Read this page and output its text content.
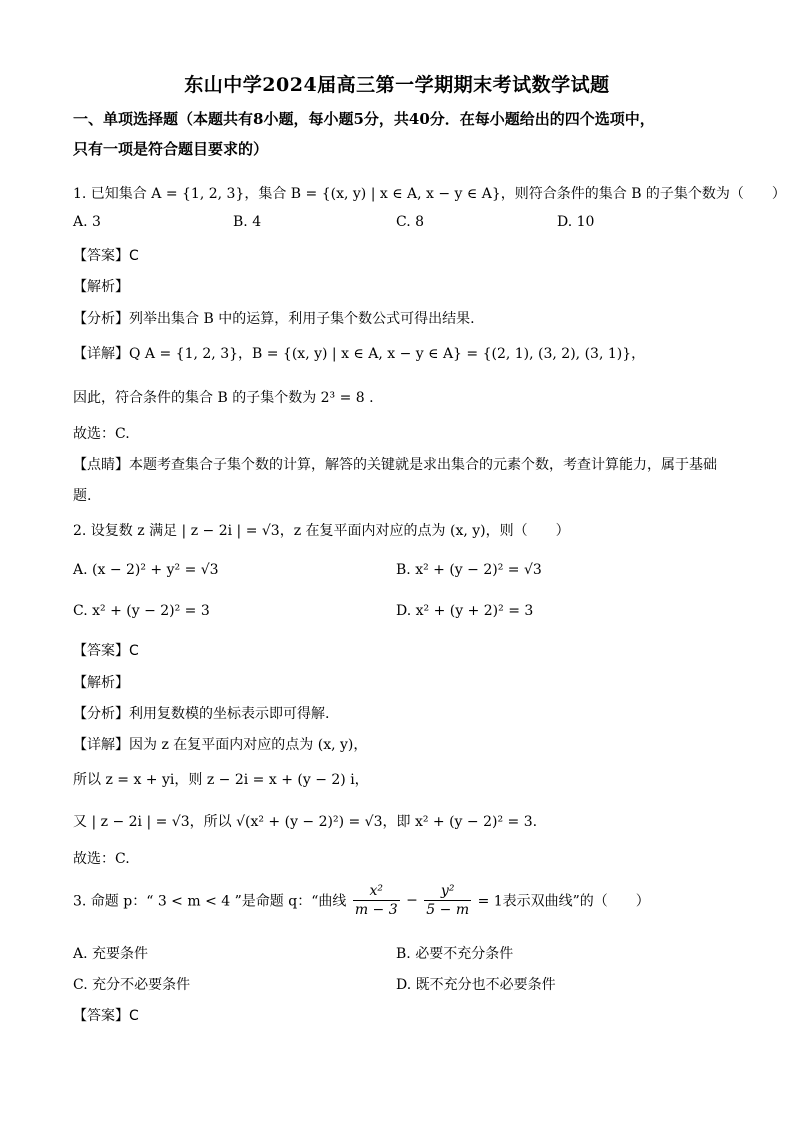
东山中学2024届高三第一学期期末考试数学试题
一、单项选择题（本题共有8小题，每小题5分，共40分．在每小题给出的四个选项中，
只有一项是符合题目要求的）
1. 已知集合 A = {1, 2, 3}，集合 B = {(x, y) | x ∈ A, x − y ∈ A}，则符合条件的集合 B 的子集个数为（　　）
A. 3	B. 4	C. 8	D. 10
【答案】C
【解析】
【分析】列举出集合 B 中的运算，利用子集个数公式可得出结果.
【详解】Q A = {1, 2, 3}，B = {(x, y) | x ∈ A, x − y ∈ A} = {(2, 1), (3, 2), (3, 1)}，
因此，符合条件的集合 B 的子集个数为 2³ = 8 .
故选：C.
【点睛】本题考查集合子集个数的计算，解答的关键就是求出集合的元素个数，考查计算能力，属于基础
题.
2. 设复数 z 满足 | z − 2i | = √3，z 在复平面内对应的点为 (x, y)，则（　　）
A. (x − 2)² + y² = √3	B. x² + (y − 2)² = √3
C. x² + (y − 2)² = 3	D. x² + (y + 2)² = 3
【答案】C
【解析】
【分析】利用复数模的坐标表示即可得解.
【详解】因为 z 在复平面内对应的点为 (x, y)，
所以 z = x + yi，则 z − 2i = x + (y − 2) i，
又 | z − 2i | = √3，所以 √(x² + (y − 2)²) = √3，即 x² + (y − 2)² = 3.
故选：C.
3. 命题 p：“ 3 < m < 4 ”是命题 q：“曲线 $\frac{\text{x²}}{m - 3} - \frac{\text{y²}}{5 - m} = 1$表示双曲线”的（　　）
A. 充要条件	B. 必要不充分条件
C. 充分不必要条件	D. 既不充分也不必要条件
【答案】C
